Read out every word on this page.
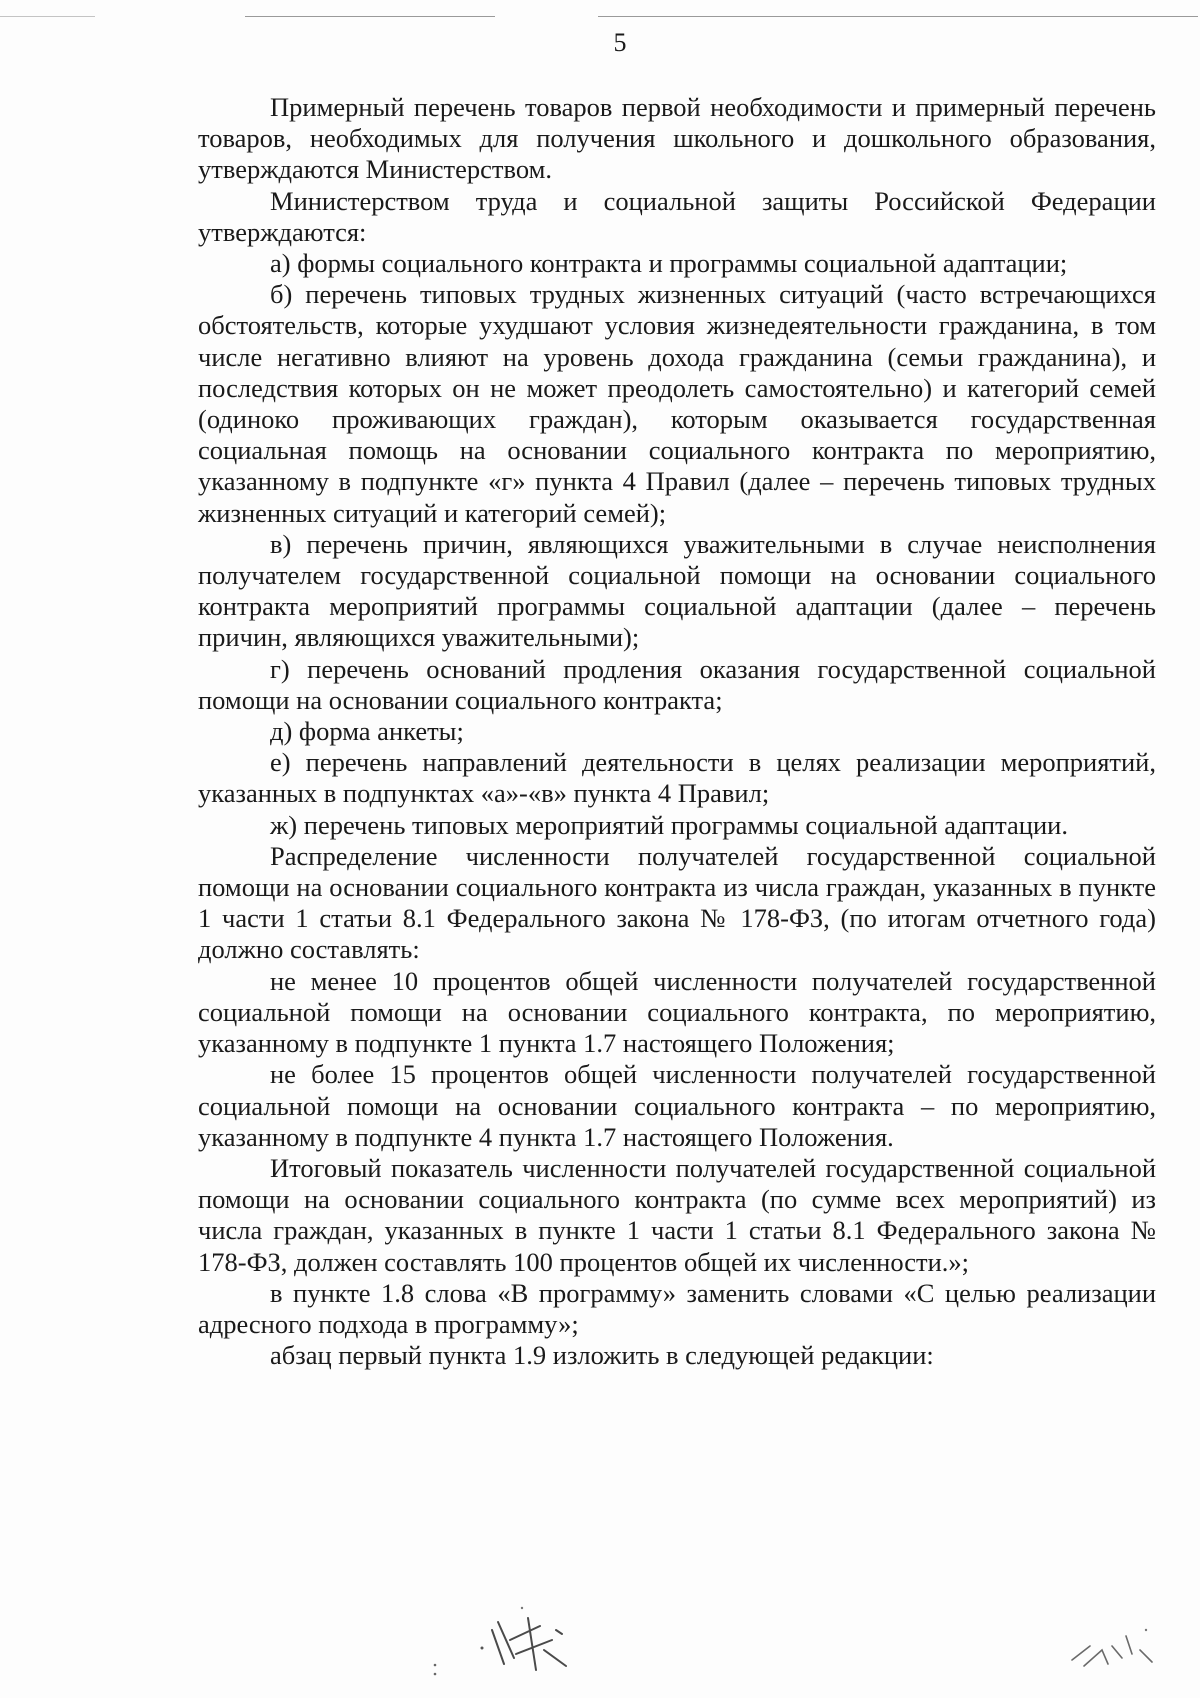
5

Примерный перечень товаров первой необходимости и примерный перечень товаров, необходимых для получения школьного и дошкольного образования, утверждаются Министерством.

Министерством труда и социальной защиты Российской Федерации утверждаются:

а) формы социального контракта и программы социальной адаптации;

б) перечень типовых трудных жизненных ситуаций (часто встречающихся обстоятельств, которые ухудшают условия жизнедеятельности гражданина, в том числе негативно влияют на уровень дохода гражданина (семьи гражданина), и последствия которых он не может преодолеть самостоятельно) и категорий семей (одиноко проживающих граждан), которым оказывается государственная социальная помощь на основании социального контракта по мероприятию, указанному в подпункте «г» пункта 4 Правил (далее – перечень типовых трудных жизненных ситуаций и категорий семей);

в) перечень причин, являющихся уважительными в случае неисполнения получателем государственной социальной помощи на основании социального контракта мероприятий программы социальной адаптации (далее – перечень причин, являющихся уважительными);

г) перечень оснований продления оказания государственной социальной помощи на основании социального контракта;

д) форма анкеты;

е) перечень направлений деятельности в целях реализации мероприятий, указанных в подпунктах «а»-«в» пункта 4 Правил;

ж) перечень типовых мероприятий программы социальной адаптации.

Распределение численности получателей государственной социальной помощи на основании социального контракта из числа граждан, указанных в пункте 1 части 1 статьи 8.1 Федерального закона № 178-ФЗ, (по итогам отчетного года) должно составлять:

не менее 10 процентов общей численности получателей государственной социальной помощи на основании социального контракта, по мероприятию, указанному в подпункте 1 пункта 1.7 настоящего Положения;

не более 15 процентов общей численности получателей государственной социальной помощи на основании социального контракта – по мероприятию, указанному в подпункте 4 пункта 1.7 настоящего Положения.

Итоговый показатель численности получателей государственной социальной помощи на основании социального контракта (по сумме всех мероприятий) из числа граждан, указанных в пункте 1 части 1 статьи 8.1 Федерального закона № 178-ФЗ, должен составлять 100 процентов общей их численности.»;

в пункте 1.8 слова «В программу» заменить словами «С целью реализации адресного подхода в программу»;

абзац первый пункта 1.9 изложить в следующей редакции:
